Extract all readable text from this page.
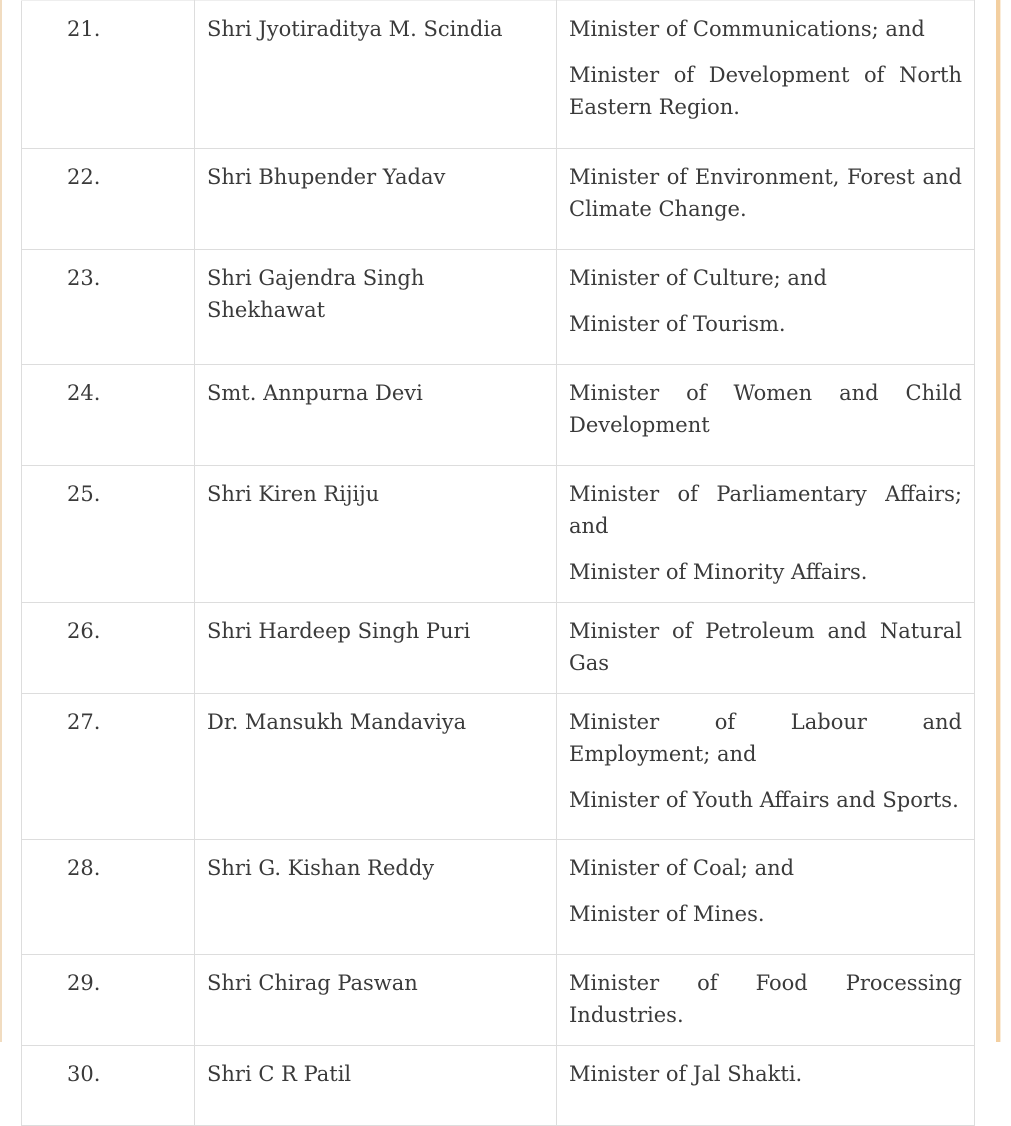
21.	Shri Jyotiraditya M. Scindia	Minister of Communications; and
Minister of Development of North Eastern Region.

22.	Shri Bhupender Yadav	Minister of Environment, Forest and Climate Change.

23.	Shri Gajendra Singh Shekhawat	Minister of Culture; and
Minister of Tourism.

24.	Smt. Annpurna Devi	Minister of Women and Child Development

25.	Shri Kiren Rijiju	Minister of Parliamentary Affairs; and
Minister of Minority Affairs.

26.	Shri Hardeep Singh Puri	Minister of Petroleum and Natural Gas

27.	Dr. Mansukh Mandaviya	Minister of Labour and Employment; and
Minister of Youth Affairs and Sports.

28.	Shri G. Kishan Reddy	Minister of Coal; and
Minister of Mines.

29.	Shri Chirag Paswan	Minister of Food Processing Industries.

30.	Shri C R Patil	Minister of Jal Shakti.
